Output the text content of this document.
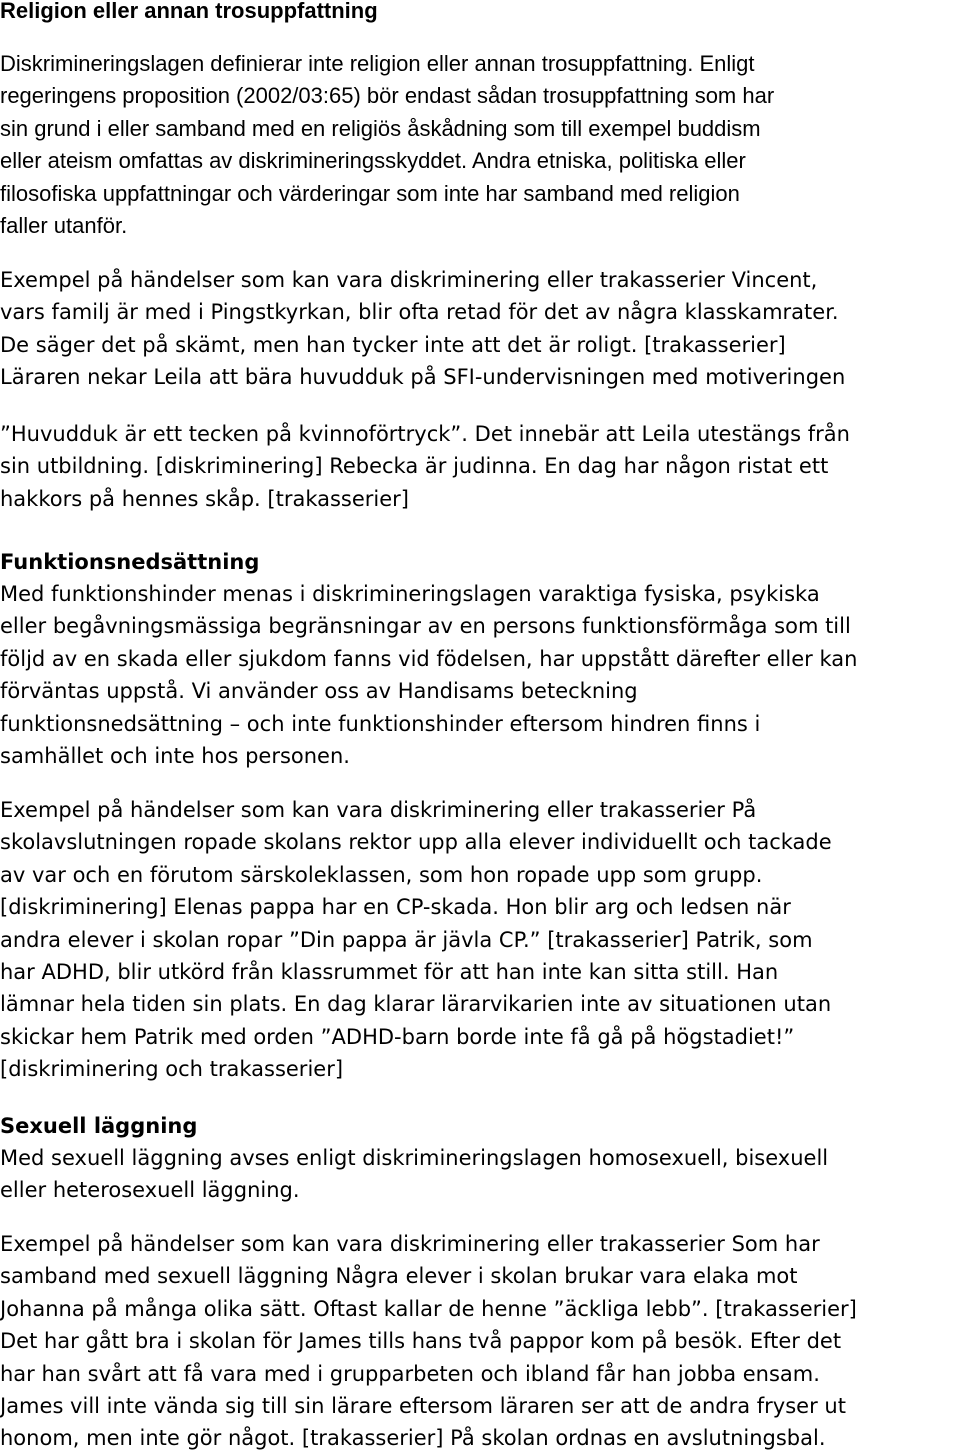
Religion eller annan trosuppfattning
Diskrimineringslagen definierar inte religion eller annan trosuppfattning. Enligt
regeringens proposition (2002/03:65) bör endast sådan trosuppfattning som har
sin grund i eller samband med en religiös åskådning som till exempel buddism
eller ateism omfattas av diskrimineringsskyddet. Andra etniska, politiska eller
filosofiska uppfattningar och värderingar som inte har samband med religion
faller utanför.
Exempel på händelser som kan vara diskriminering eller trakasserier Vincent,
vars familj är med i Pingstkyrkan, blir ofta retad för det av några klasskamrater.
De säger det på skämt, men han tycker inte att det är roligt. [trakasserier]
Läraren nekar Leila att bära huvudduk på SFI-undervisningen med motiveringen
”Huvudduk är ett tecken på kvinnoförtryck”. Det innebär att Leila utestängs från
sin utbildning. [diskriminering] Rebecka är judinna. En dag har någon ristat ett
hakkors på hennes skåp. [trakasserier]
Funktionsnedsättning
Med funktionshinder menas i diskrimineringslagen varaktiga fysiska, psykiska
eller begåvningsmässiga begränsningar av en persons funktionsförmåga som till
följd av en skada eller sjukdom fanns vid födelsen, har uppstått därefter eller kan
förväntas uppstå. Vi använder oss av Handisams beteckning
funktionsnedsättning – och inte funktionshinder eftersom hindren finns i
samhället och inte hos personen.
Exempel på händelser som kan vara diskriminering eller trakasserier På
skolavslutningen ropade skolans rektor upp alla elever individuellt och tackade
av var och en förutom särskoleklassen, som hon ropade upp som grupp.
[diskriminering] Elenas pappa har en CP-skada. Hon blir arg och ledsen när
andra elever i skolan ropar ”Din pappa är jävla CP.” [trakasserier] Patrik, som
har ADHD, blir utkörd från klassrummet för att han inte kan sitta still. Han
lämnar hela tiden sin plats. En dag klarar lärarvikarien inte av situationen utan
skickar hem Patrik med orden ”ADHD-barn borde inte få gå på högstadiet!”
[diskriminering och trakasserier]
Sexuell läggning
Med sexuell läggning avses enligt diskrimineringslagen homosexuell, bisexuell
eller heterosexuell läggning.
Exempel på händelser som kan vara diskriminering eller trakasserier Som har
samband med sexuell läggning Några elever i skolan brukar vara elaka mot
Johanna på många olika sätt. Oftast kallar de henne ”äckliga lebb”. [trakasserier]
Det har gått bra i skolan för James tills hans två pappor kom på besök. Efter det
har han svårt att få vara med i grupparbeten och ibland får han jobba ensam.
James vill inte vända sig till sin lärare eftersom läraren ser att de andra fryser ut
honom, men inte gör något. [trakasserier] På skolan ordnas en avslutningsbal.
